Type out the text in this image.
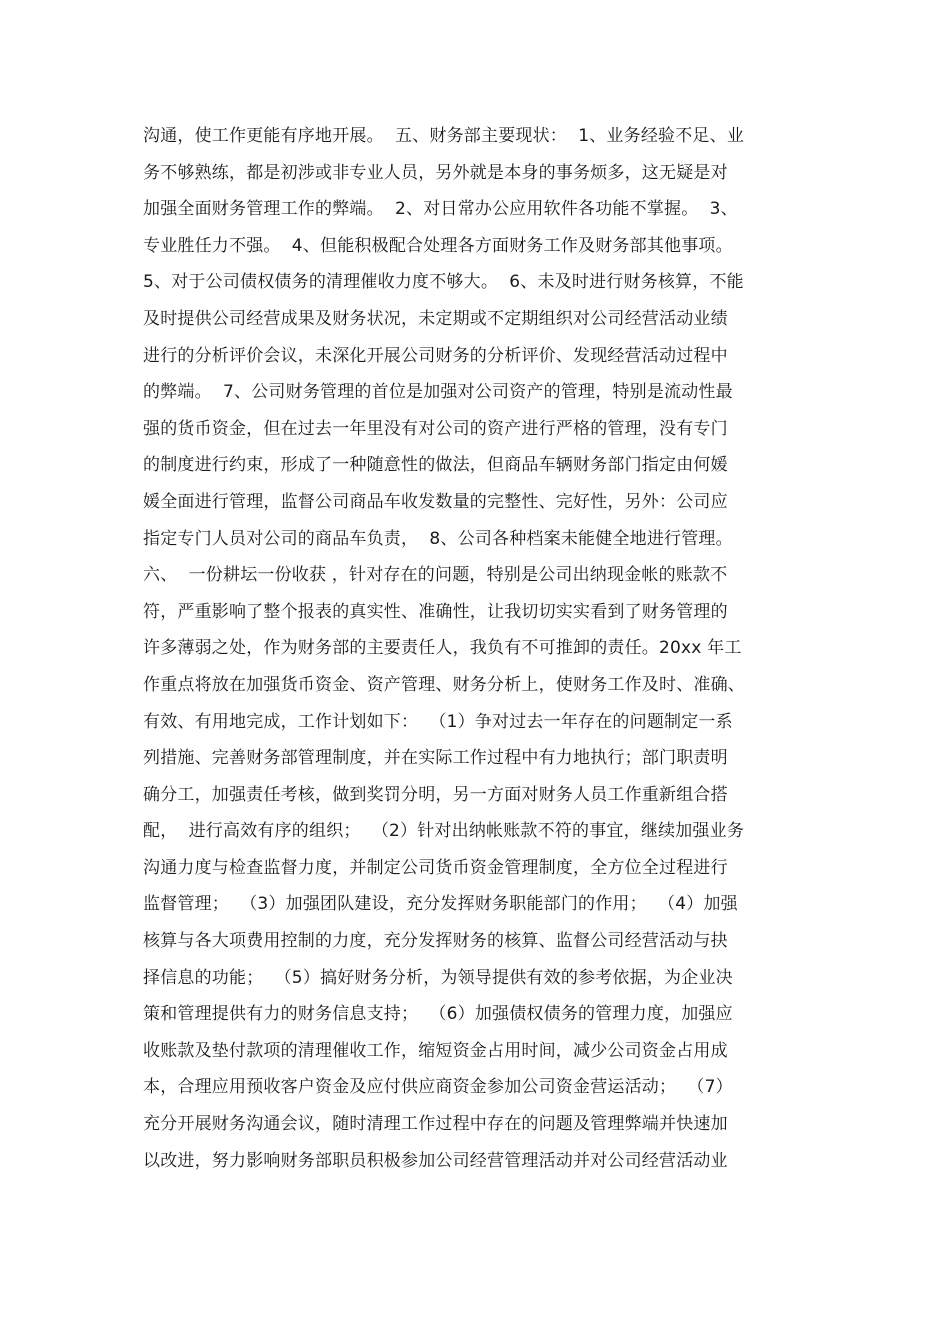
沟通，使工作更能有序地开展。  五、财务部主要现状：  1、业务经验不足、业
务不够熟练，都是初涉或非专业人员，另外就是本身的事务烦多，这无疑是对
加强全面财务管理工作的弊端。  2、对日常办公应用软件各功能不掌握。  3、
专业胜任力不强。  4、但能积极配合处理各方面财务工作及财务部其他事项。
5、对于公司债权债务的清理催收力度不够大。  6、未及时进行财务核算，不能
及时提供公司经营成果及财务状况，未定期或不定期组织对公司经营活动业绩
进行的分析评价会议，未深化开展公司财务的分析评价、发现经营活动过程中
的弊端。  7、公司财务管理的首位是加强对公司资产的管理，特别是流动性最
强的货币资金，但在过去一年里没有对公司的资产进行严格的管理，没有专门
的制度进行约束，形成了一种随意性的做法，但商品车辆财务部门指定由何媛
媛全面进行管理，监督公司商品车收发数量的完整性、完好性，另外：公司应
指定专门人员对公司的商品车负责，  8、公司各种档案未能健全地进行管理。
六、  一份耕坛一份收获 ，针对存在的问题，特别是公司出纳现金帐的账款不
符，严重影响了整个报表的真实性、准确性，让我切切实实看到了财务管理的
许多薄弱之处，作为财务部的主要责任人，我负有不可推卸的责任。20xx 年工
作重点将放在加强货币资金、资产管理、财务分析上，使财务工作及时、准确、
有效、有用地完成，工作计划如下：  （1）争对过去一年存在的问题制定一系
列措施、完善财务部管理制度，并在实际工作过程中有力地执行；部门职责明
确分工，加强责任考核，做到奖罚分明，另一方面对财务人员工作重新组合搭
配，  进行高效有序的组织；  （2）针对出纳帐账款不符的事宜，继续加强业务
沟通力度与检查监督力度，并制定公司货币资金管理制度，全方位全过程进行
监督管理；  （3）加强团队建设，充分发挥财务职能部门的作用；  （4）加强
核算与各大项费用控制的力度，充分发挥财务的核算、监督公司经营活动与抉
择信息的功能；  （5）搞好财务分析，为领导提供有效的参考依据，为企业决
策和管理提供有力的财务信息支持；  （6）加强债权债务的管理力度，加强应
收账款及垫付款项的清理催收工作，缩短资金占用时间，减少公司资金占用成
本，合理应用预收客户资金及应付供应商资金参加公司资金营运活动；  （7）
充分开展财务沟通会议，随时清理工作过程中存在的问题及管理弊端并快速加
以改进，努力影响财务部职员积极参加公司经营管理活动并对公司经营活动业
